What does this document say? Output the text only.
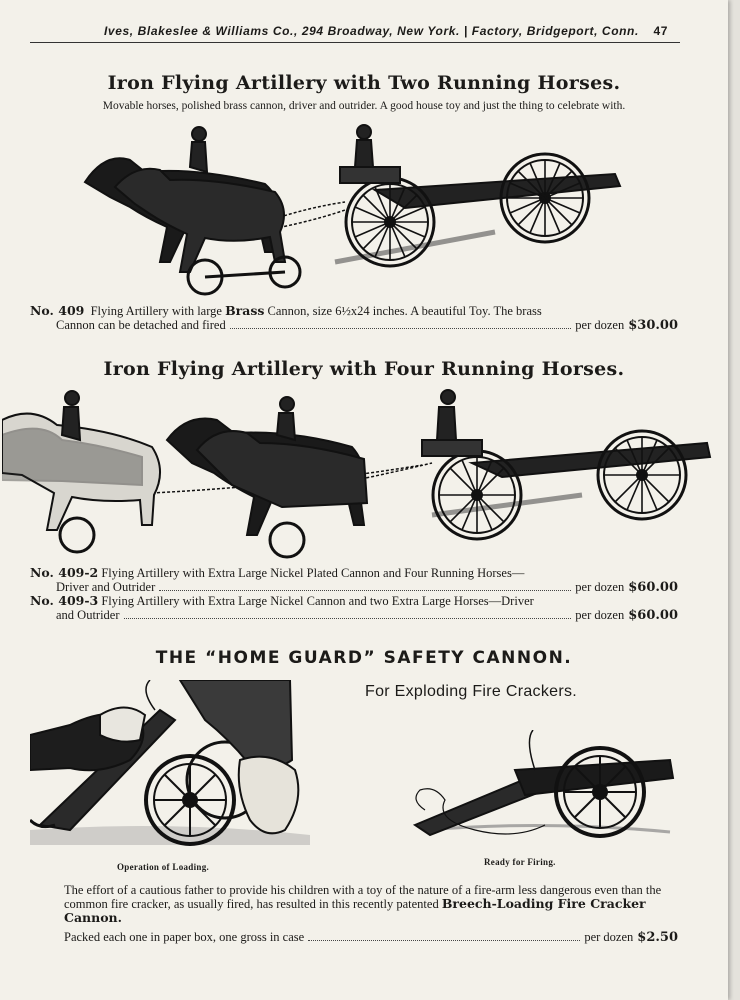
Ives, Blakeslee & Williams Co., 294 Broadway, New York. | Factory, Bridgeport, Conn. 47
Iron Flying Artillery with Two Running Horses.
Movable horses, polished brass cannon, driver and outrider. A good house toy and just the thing to celebrate with.
No. 409 Flying Artillery with large Brass Cannon, size 6½x24 inches. A beautiful Toy. The brass
Cannon can be detached and fired	per dozen $30.00
Iron Flying Artillery with Four Running Horses.
No. 409-2 Flying Artillery with Extra Large Nickel Plated Cannon and Four Running Horses—
Driver and Outrider	per dozen $60.00
No. 409-3 Flying Artillery with Extra Large Nickel Cannon and two Extra Large Horses—Driver
and Outrider	per dozen $60.00
THE “HOME GUARD” SAFETY CANNON.
For Exploding Fire Crackers.
Operation of Loading.	Ready for Firing.
The effort of a cautious father to provide his children with a toy of the nature of a fire-arm less dangerous even than the common fire cracker, as usually fired, has resulted in this recently patented Breech-Loading Fire Cracker Cannon.
Packed each one in paper box, one gross in case	per dozen $2.50
